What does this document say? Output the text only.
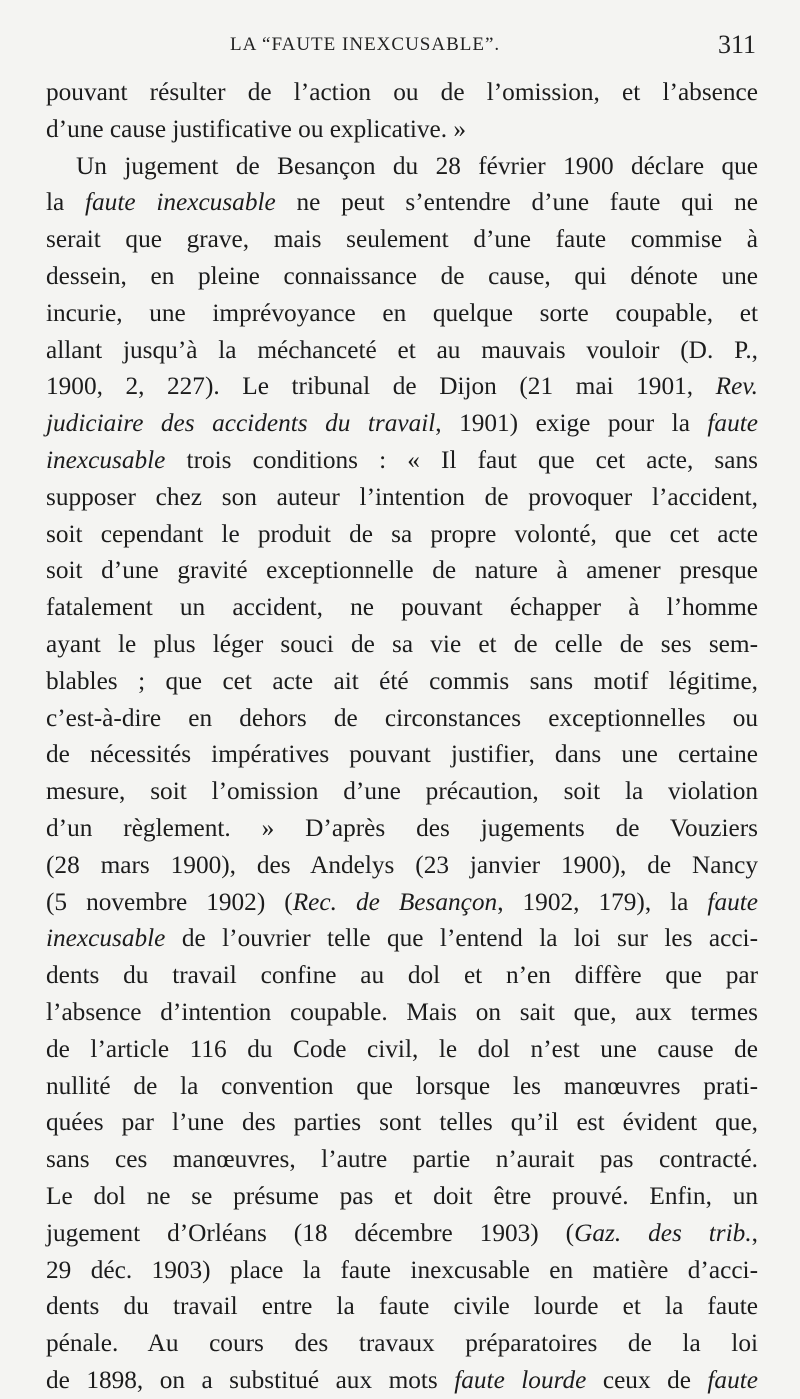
LA “FAUTE INEXCUSABLE”.	311
pouvant résulter de l’action ou de l’omission, et l’absence
d’une cause justificative ou explicative. »
Un jugement de Besançon du 28 février 1900 déclare que
la faute inexcusable ne peut s’entendre d’une faute qui ne
serait que grave, mais seulement d’une faute commise à
dessein, en pleine connaissance de cause, qui dénote une
incurie, une imprévoyance en quelque sorte coupable, et
allant jusqu’à la méchanceté et au mauvais vouloir (D. P.,
1900, 2, 227). Le tribunal de Dijon (21 mai 1901, Rev.
judiciaire des accidents du travail, 1901) exige pour la faute
inexcusable trois conditions : « Il faut que cet acte, sans
supposer chez son auteur l’intention de provoquer l’accident,
soit cependant le produit de sa propre volonté, que cet acte
soit d’une gravité exceptionnelle de nature à amener presque
fatalement un accident, ne pouvant échapper à l’homme
ayant le plus léger souci de sa vie et de celle de ses sem-
blables ; que cet acte ait été commis sans motif légitime,
c’est-à-dire en dehors de circonstances exceptionnelles ou
de nécessités impératives pouvant justifier, dans une certaine
mesure, soit l’omission d’une précaution, soit la violation
d’un règlement. » D’après des jugements de Vouziers
(28 mars 1900), des Andelys (23 janvier 1900), de Nancy
(5 novembre 1902) (Rec. de Besançon, 1902, 179), la faute
inexcusable de l’ouvrier telle que l’entend la loi sur les acci-
dents du travail confine au dol et n’en diffère que par
l’absence d’intention coupable. Mais on sait que, aux termes
de l’article 116 du Code civil, le dol n’est une cause de
nullité de la convention que lorsque les manœuvres prati-
quées par l’une des parties sont telles qu’il est évident que,
sans ces manœuvres, l’autre partie n’aurait pas contracté.
Le dol ne se présume pas et doit être prouvé. Enfin, un
jugement d’Orléans (18 décembre 1903) (Gaz. des trib.,
29 déc. 1903) place la faute inexcusable en matière d’acci-
dents du travail entre la faute civile lourde et la faute
pénale. Au cours des travaux préparatoires de la loi
de 1898, on a substitué aux mots faute lourde ceux de faute
